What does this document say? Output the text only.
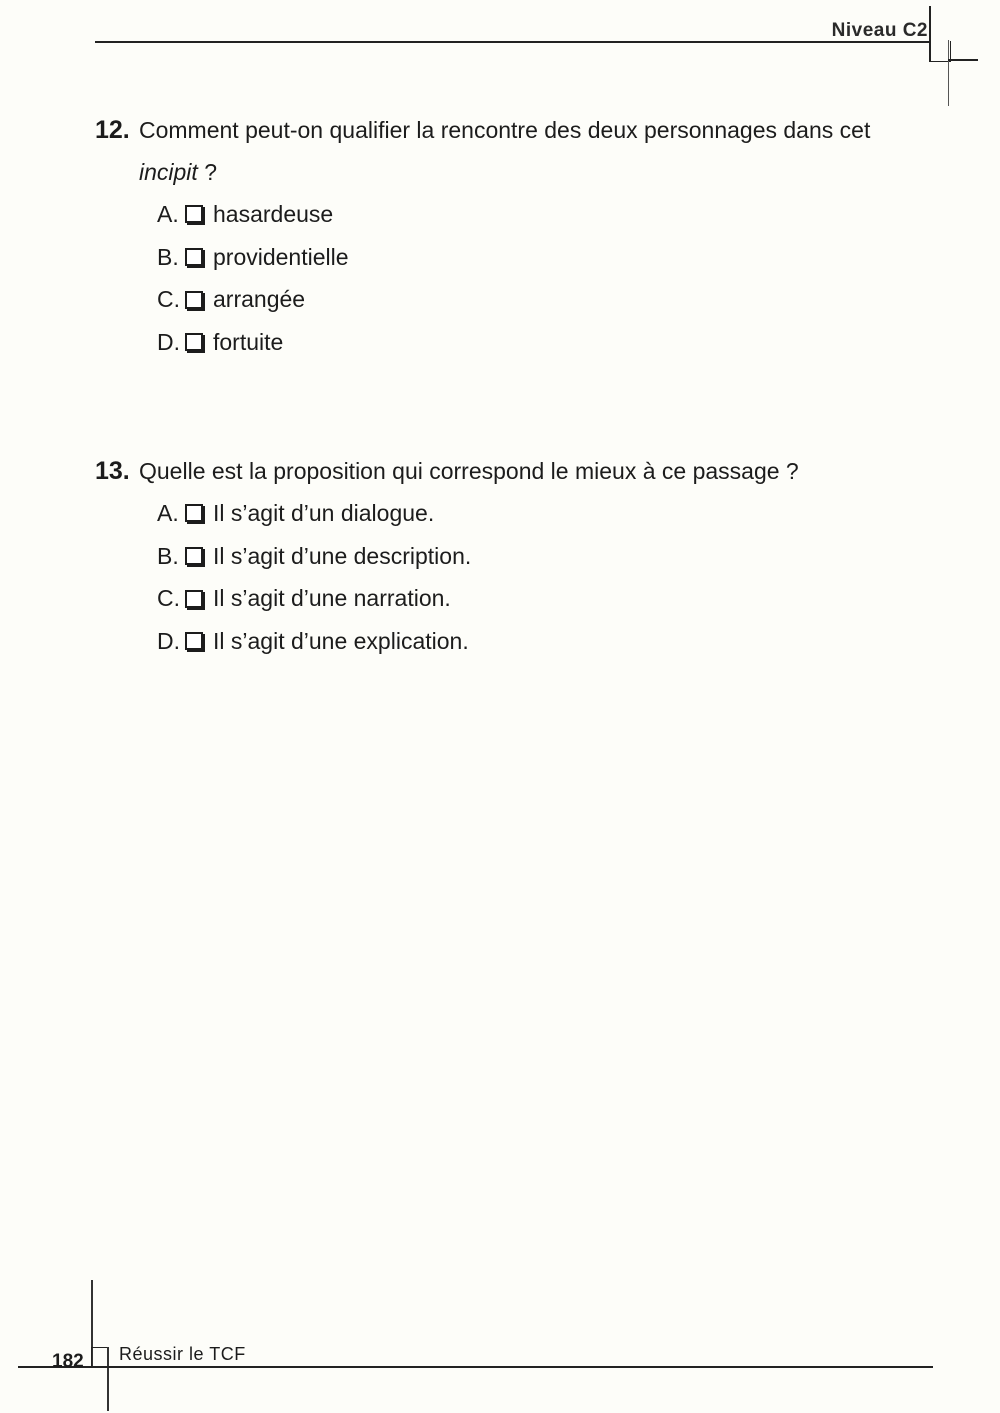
Niveau C2
12. Comment peut-on qualifier la rencontre des deux personnages dans cet
incipit ?
A. hasardeuse
B. providentielle
C. arrangée
D. fortuite
13. Quelle est la proposition qui correspond le mieux à ce passage ?
A. Il s’agit d’un dialogue.
B. Il s’agit d’une description.
C. Il s’agit d’une narration.
D. Il s’agit d’une explication.
182 Réussir le TCF
